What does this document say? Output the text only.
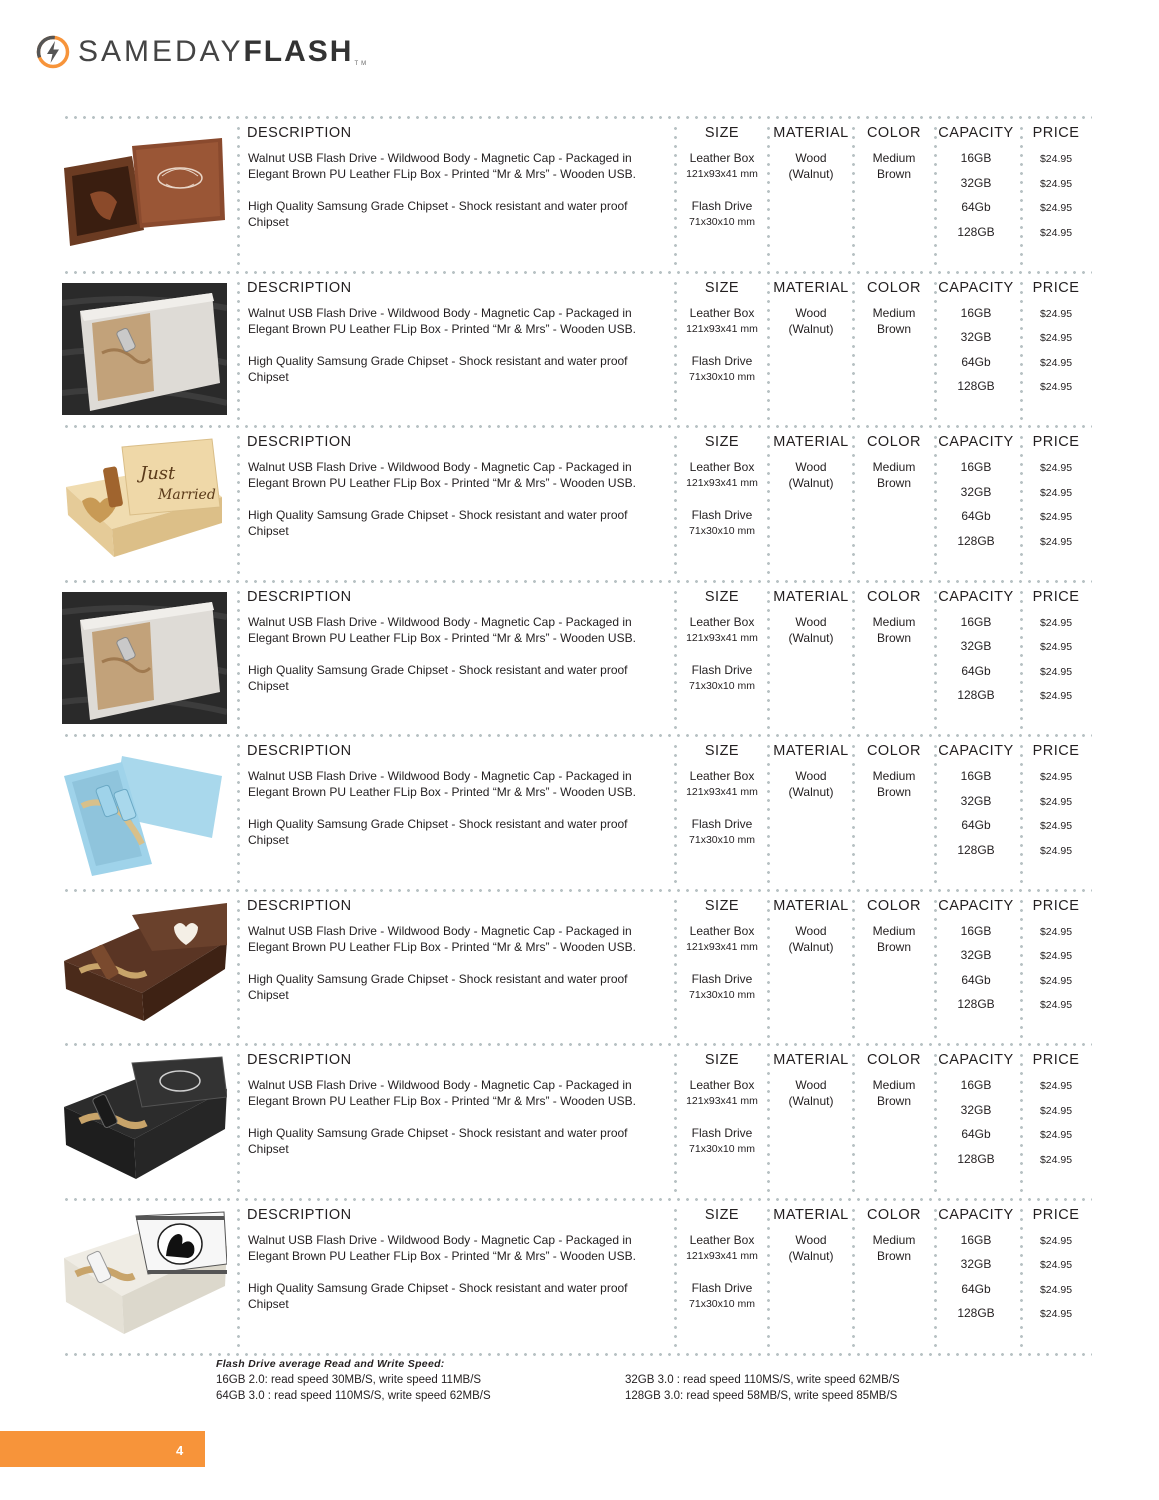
SAMEDAYFLASHTM
DESCRIPTION
Walnut USB Flash Drive - Wildwood Body - Magnetic Cap - Packaged in Elegant Brown PU Leather FLip Box - Printed “Mr & Mrs” - Wooden USB.
High Quality Samsung Grade Chipset - Shock resistant and water proof Chipset
SIZE
Leather Box
121x93x41 mm
Flash Drive
71x30x10 mm
MATERIAL
Wood
(Walnut)
COLOR
Medium
Brown
CAPACITY
16GB
32GB
64Gb
128GB
PRICE
$24.95
$24.95
$24.95
$24.95
DESCRIPTION
Walnut USB Flash Drive - Wildwood Body - Magnetic Cap - Packaged in Elegant Brown PU Leather FLip Box - Printed “Mr & Mrs” - Wooden USB.
High Quality Samsung Grade Chipset - Shock resistant and water proof Chipset
SIZE
Leather Box
121x93x41 mm
Flash Drive
71x30x10 mm
MATERIAL
Wood
(Walnut)
COLOR
Medium
Brown
CAPACITY
16GB
32GB
64Gb
128GB
PRICE
$24.95
$24.95
$24.95
$24.95
Just
Married
DESCRIPTION
Walnut USB Flash Drive - Wildwood Body - Magnetic Cap - Packaged in Elegant Brown PU Leather FLip Box - Printed “Mr & Mrs” - Wooden USB.
High Quality Samsung Grade Chipset - Shock resistant and water proof Chipset
SIZE
Leather Box
121x93x41 mm
Flash Drive
71x30x10 mm
MATERIAL
Wood
(Walnut)
COLOR
Medium
Brown
CAPACITY
16GB
32GB
64Gb
128GB
PRICE
$24.95
$24.95
$24.95
$24.95
DESCRIPTION
Walnut USB Flash Drive - Wildwood Body - Magnetic Cap - Packaged in Elegant Brown PU Leather FLip Box - Printed “Mr & Mrs” - Wooden USB.
High Quality Samsung Grade Chipset - Shock resistant and water proof Chipset
SIZE
Leather Box
121x93x41 mm
Flash Drive
71x30x10 mm
MATERIAL
Wood
(Walnut)
COLOR
Medium
Brown
CAPACITY
16GB
32GB
64Gb
128GB
PRICE
$24.95
$24.95
$24.95
$24.95
DESCRIPTION
Walnut USB Flash Drive - Wildwood Body - Magnetic Cap - Packaged in Elegant Brown PU Leather FLip Box - Printed “Mr & Mrs” - Wooden USB.
High Quality Samsung Grade Chipset - Shock resistant and water proof Chipset
SIZE
Leather Box
121x93x41 mm
Flash Drive
71x30x10 mm
MATERIAL
Wood
(Walnut)
COLOR
Medium
Brown
CAPACITY
16GB
32GB
64Gb
128GB
PRICE
$24.95
$24.95
$24.95
$24.95
DESCRIPTION
Walnut USB Flash Drive - Wildwood Body - Magnetic Cap - Packaged in Elegant Brown PU Leather FLip Box - Printed “Mr & Mrs” - Wooden USB.
High Quality Samsung Grade Chipset - Shock resistant and water proof Chipset
SIZE
Leather Box
121x93x41 mm
Flash Drive
71x30x10 mm
MATERIAL
Wood
(Walnut)
COLOR
Medium
Brown
CAPACITY
16GB
32GB
64Gb
128GB
PRICE
$24.95
$24.95
$24.95
$24.95
DESCRIPTION
Walnut USB Flash Drive - Wildwood Body - Magnetic Cap - Packaged in Elegant Brown PU Leather FLip Box - Printed “Mr & Mrs” - Wooden USB.
High Quality Samsung Grade Chipset - Shock resistant and water proof Chipset
SIZE
Leather Box
121x93x41 mm
Flash Drive
71x30x10 mm
MATERIAL
Wood
(Walnut)
COLOR
Medium
Brown
CAPACITY
16GB
32GB
64Gb
128GB
PRICE
$24.95
$24.95
$24.95
$24.95
DESCRIPTION
Walnut USB Flash Drive - Wildwood Body - Magnetic Cap - Packaged in Elegant Brown PU Leather FLip Box - Printed “Mr & Mrs” - Wooden USB.
High Quality Samsung Grade Chipset - Shock resistant and water proof Chipset
SIZE
Leather Box
121x93x41 mm
Flash Drive
71x30x10 mm
MATERIAL
Wood
(Walnut)
COLOR
Medium
Brown
CAPACITY
16GB
32GB
64Gb
128GB
PRICE
$24.95
$24.95
$24.95
$24.95
Flash Drive average Read and Write Speed:
16GB 2.0: read speed 30MB/S, write speed 11MB/S
64GB 3.0 : read speed 110MS/S, write speed 62MB/S
32GB 3.0 : read speed 110MS/S, write speed 62MB/S
128GB 3.0: read speed 58MB/S, write speed 85MB/S
4
